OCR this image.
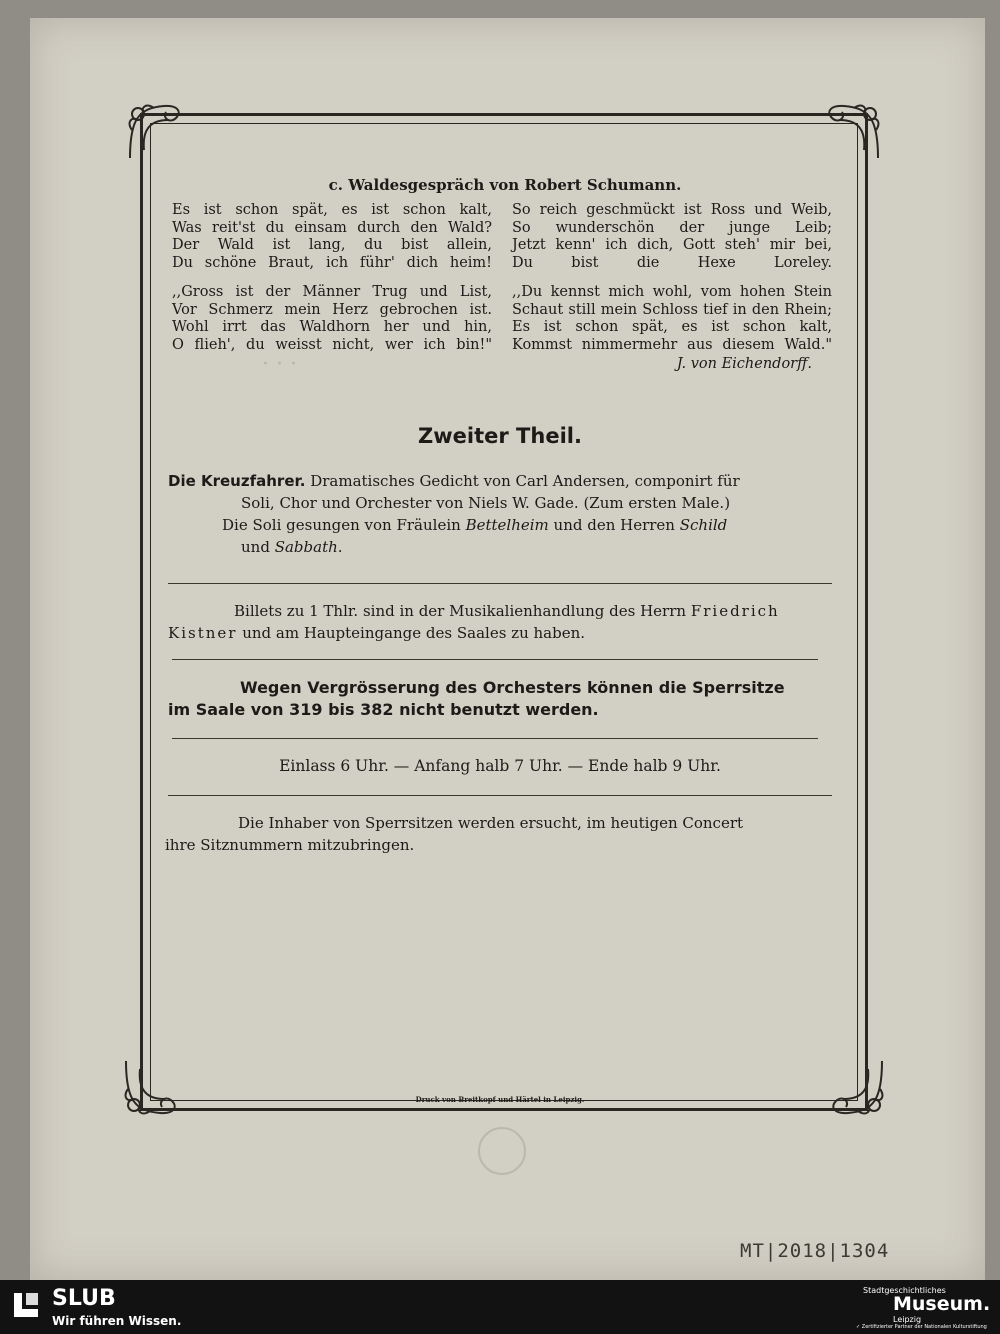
· · ·
c. Waldesgespräch von Robert Schumann.
Es ist schon spät, es ist schon kalt,
Was reit'st du einsam durch den Wald?
Der Wald ist lang, du bist allein,
Du schöne Braut, ich führ' dich heim!
,,Gross ist der Männer Trug und List,
Vor Schmerz mein Herz gebrochen ist.
Wohl irrt das Waldhorn her und hin,
O flieh', du weisst nicht, wer ich bin!"
So reich geschmückt ist Ross und Weib,
So wunderschön der junge Leib;
Jetzt kenn' ich dich, Gott steh' mir bei,
Du bist die Hexe Loreley.
,,Du kennst mich wohl, vom hohen Stein
Schaut still mein Schloss tief in den Rhein;
Es ist schon spät, es ist schon kalt,
Kommst nimmermehr aus diesem Wald."
J. von Eichendorff.
Zweiter Theil.
Die Kreuzfahrer. Dramatisches Gedicht von Carl Andersen, componirt für
Soli, Chor und Orchester von Niels W. Gade. (Zum ersten Male.)
Die Soli gesungen von Fräulein Bettelheim und den Herren Schild
und Sabbath.
Billets zu 1 Thlr. sind in der Musikalienhandlung des Herrn Friedrich
Kistner und am Haupteingange des Saales zu haben.
Wegen Vergrösserung des Orchesters können die Sperrsitze
im Saale von 319 bis 382 nicht benutzt werden.
Einlass 6 Uhr. — Anfang halb 7 Uhr. — Ende halb 9 Uhr.
Die Inhaber von Sperrsitzen werden ersucht, im heutigen Concert
ihre Sitznummern mitzubringen.
Druck von Breitkopf und Härtel in Leipzig.
MT|2018|1304
SLUB
Wir führen Wissen.
Stadtgeschichtliches
Museum.
Leipzig
✓ Zertifizierter Partner der Nationalen Kulturstiftung
